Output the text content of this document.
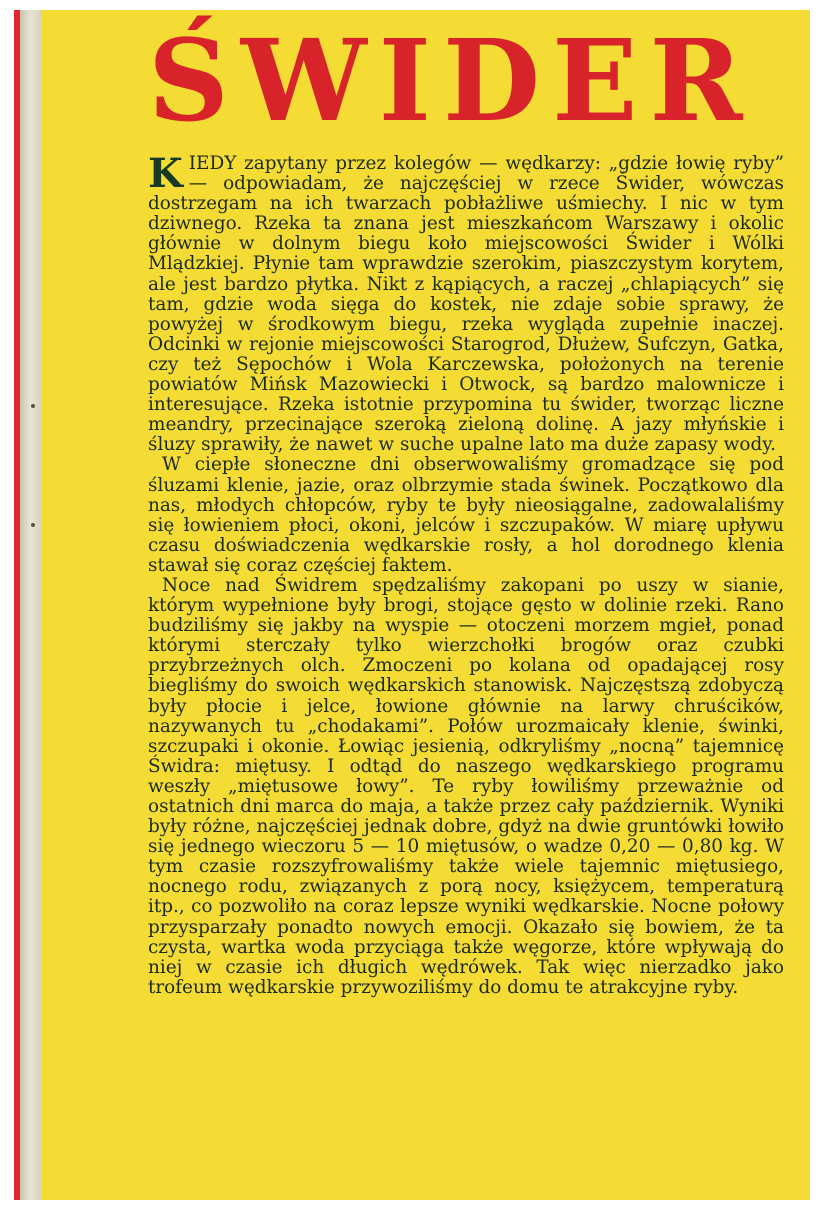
ŚWIDER

KIEDY zapytany przez kolegów — wędkarzy: „gdzie łowię ryby” — odpowiadam, że najczęściej w rzece Świder, wówczas dostrzegam na ich twarzach pobłażliwe uśmiechy. I nic w tym dziwnego. Rzeka ta znana jest mieszkańcom Warszawy i okolic głównie w dolnym biegu koło miejscowości Świder i Wólki Mlądzkiej. Płynie tam wprawdzie szerokim, piaszczystym korytem, ale jest bardzo płytka. Nikt z kąpiących, a raczej „chlapiących” się tam, gdzie woda sięga do kostek, nie zdaje sobie sprawy, że powyżej w środkowym biegu, rzeka wygląda zupełnie inaczej. Odcinki w rejonie miejscowości Starogrod, Dłużew, Sufczyn, Gatka, czy też Sępochów i Wola Karczewska, położonych na terenie powiatów Mińsk Mazowiecki i Otwock, są bardzo malownicze i interesujące. Rzeka istotnie przypomina tu świder, tworząc liczne meandry, przecinające szeroką zieloną dolinę. A jazy młyńskie i śluzy sprawiły, że nawet w suche upalne lato ma duże zapasy wody.

W ciepłe słoneczne dni obserwowaliśmy gromadzące się pod śluzami klenie, jazie, oraz olbrzymie stada świnek. Początkowo dla nas, młodych chłopców, ryby te były nieosiągalne, zadowalaliśmy się łowieniem płoci, okoni, jelców i szczupaków. W miarę upływu czasu doświadczenia wędkarskie rosły, a hol dorodnego klenia stawał się coraz częściej faktem.

Noce nad Świdrem spędzaliśmy zakopani po uszy w sianie, którym wypełnione były brogi, stojące gęsto w dolinie rzeki. Rano budziliśmy się jakby na wyspie — otoczeni morzem mgieł, ponad którymi sterczały tylko wierzchołki brogów oraz czubki przybrzeżnych olch. Zmoczeni po kolana od opadającej rosy biegliśmy do swoich wędkarskich stanowisk. Najczęstszą zdobyczą były płocie i jelce, łowione głównie na larwy chruścików, nazywanych tu „chodakami”. Połów urozmaicały klenie, świnki, szczupaki i okonie. Łowiąc jesienią, odkryliśmy „nocną” tajemnicę Świdra: miętusy. I odtąd do naszego wędkarskiego programu weszły „miętusowe łowy”. Te ryby łowiliśmy przeważnie od ostatnich dni marca do maja, a także przez cały październik. Wyniki były różne, najczęściej jednak dobre, gdyż na dwie gruntówki łowiło się jednego wieczoru 5 — 10 miętusów, o wadze 0,20 — 0,80 kg. W tym czasie rozszyfrowaliśmy także wiele tajemnic miętusiego, nocnego rodu, związanych z porą nocy, księżycem, temperaturą itp., co pozwoliło na coraz lepsze wyniki wędkarskie. Nocne połowy przysparzały ponadto nowych emocji. Okazało się bowiem, że ta czysta, wartka woda przyciąga także węgorze, które wpływają do niej w czasie ich długich wędrówek. Tak więc nierzadko jako trofeum wędkarskie przywoziliśmy do domu te atrakcyjne ryby.
